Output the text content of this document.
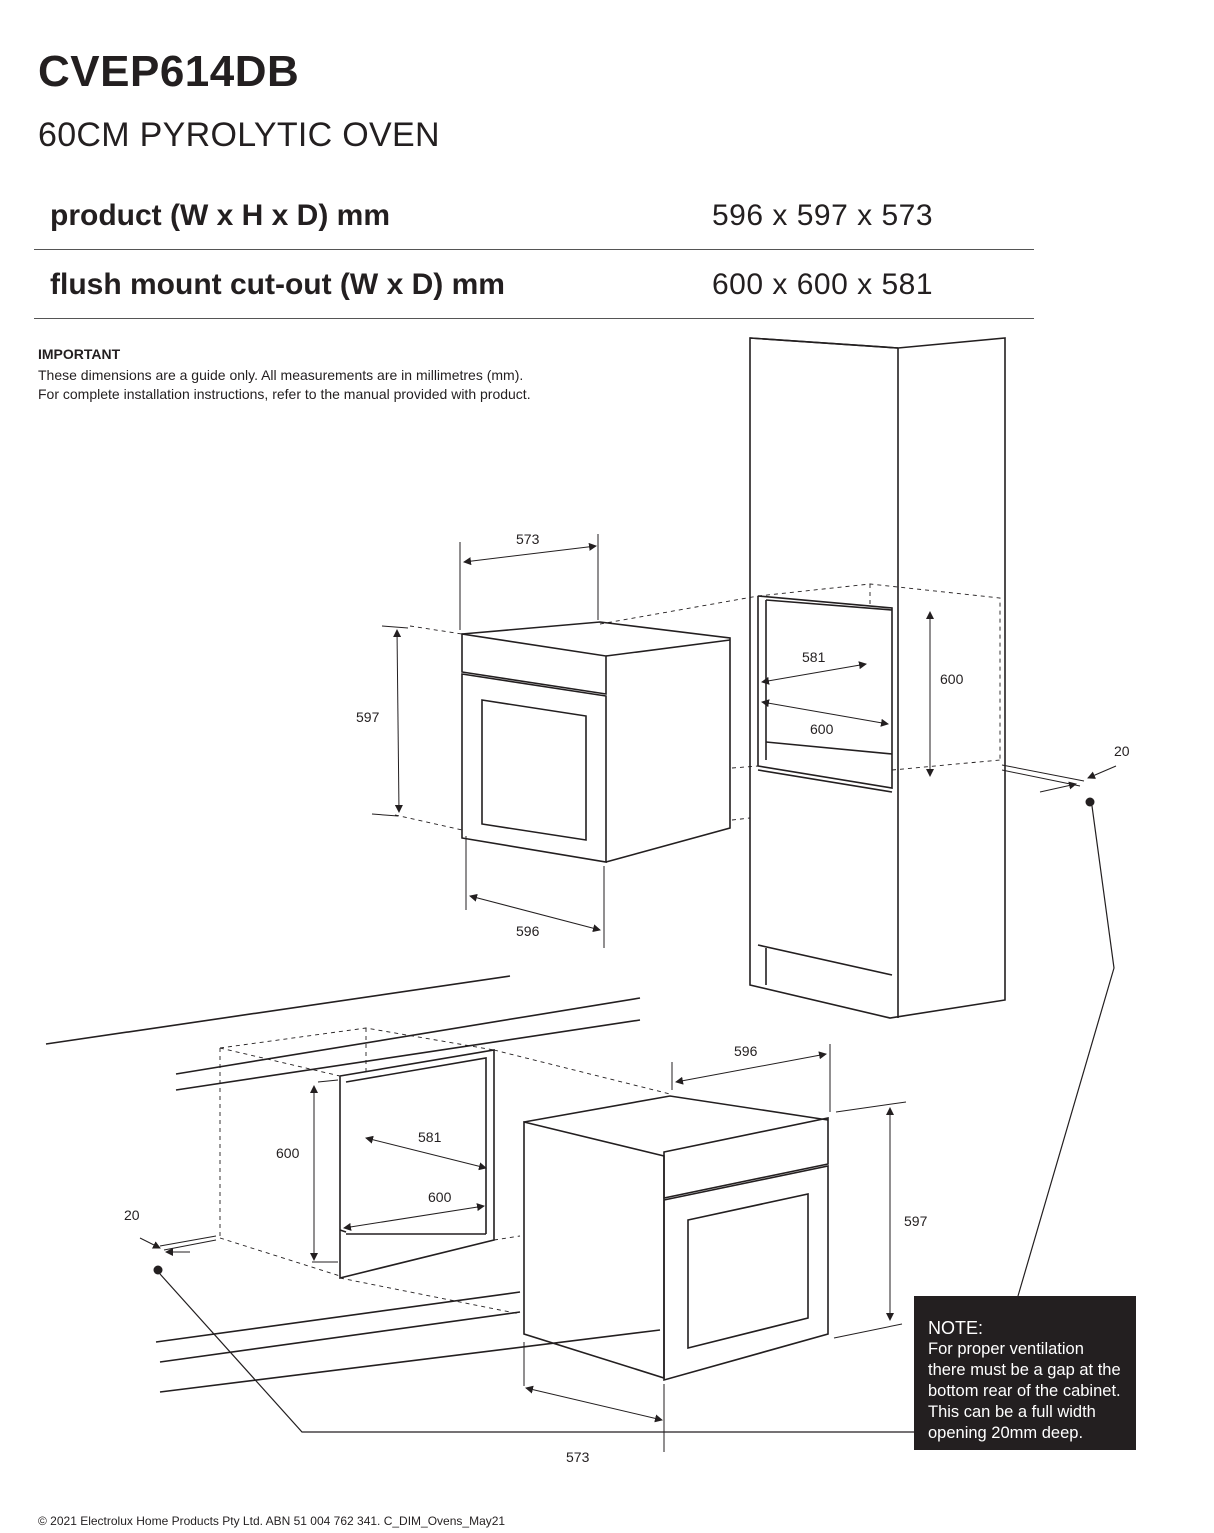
CVEP614DB
60CM PYROLYTIC OVEN
product (W x H x D) mm	596 x 597 x 573
flush mount cut-out (W x D) mm	600 x 600 x 581
IMPORTANT
These dimensions are a guide only. All measurements are in millimetres (mm).
For complete installation instructions, refer to the manual provided with product.
573
597
596
581
600
600
20
596
597
573
600
581
600
20
NOTE:
For proper ventilation
there must be a gap at the
bottom rear of the cabinet.
This can be a full width
opening 20mm deep.
© 2021 Electrolux Home Products Pty Ltd. ABN 51 004 762 341. C_DIM_Ovens_May21
